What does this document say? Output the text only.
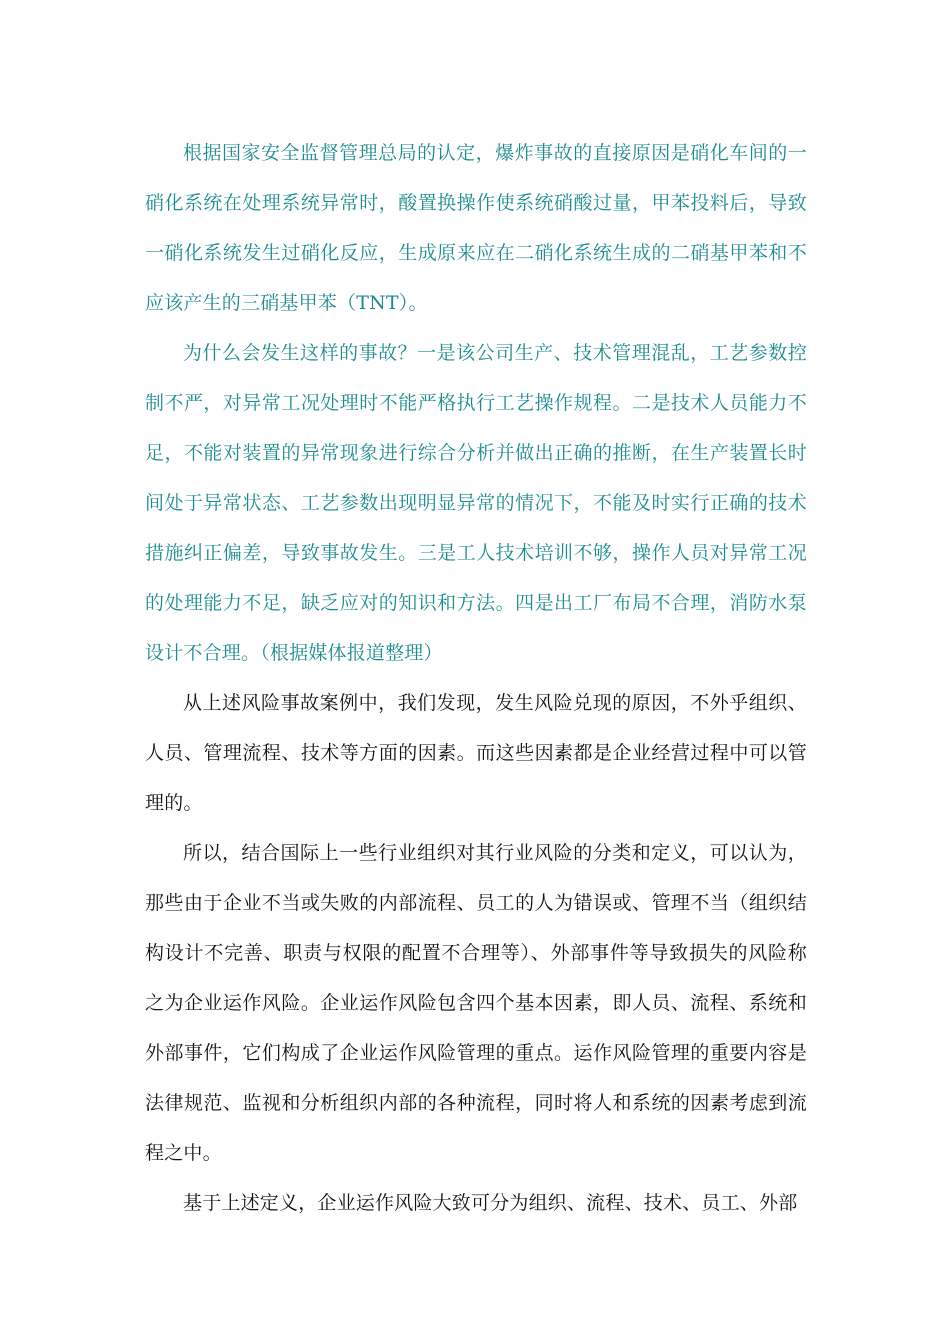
根据国家安全监督管理总局的认定，爆炸事故的直接原因是硝化车间的一硝化系统在处理系统异常时，酸置换操作使系统硝酸过量，甲苯投料后，导致一硝化系统发生过硝化反应，生成原来应在二硝化系统生成的二硝基甲苯和不应该产生的三硝基甲苯（TNT）。

为什么会发生这样的事故？一是该公司生产、技术管理混乱，工艺参数控制不严，对异常工况处理时不能严格执行工艺操作规程。二是技术人员能力不足，不能对装置的异常现象进行综合分析并做出正确的推断，在生产装置长时间处于异常状态、工艺参数出现明显异常的情况下，不能及时实行正确的技术措施纠正偏差，导致事故发生。三是工人技术培训不够，操作人员对异常工况的处理能力不足，缺乏应对的知识和方法。四是出工厂布局不合理，消防水泵设计不合理。（根据媒体报道整理）

从上述风险事故案例中，我们发现，发生风险兑现的原因，不外乎组织、人员、管理流程、技术等方面的因素。而这些因素都是企业经营过程中可以管理的。

所以，结合国际上一些行业组织对其行业风险的分类和定义，可以认为，那些由于企业不当或失败的内部流程、员工的人为错误或、管理不当（组织结构设计不完善、职责与权限的配置不合理等）、外部事件等导致损失的风险称之为企业运作风险。企业运作风险包含四个基本因素，即人员、流程、系统和外部事件，它们构成了企业运作风险管理的重点。运作风险管理的重要内容是法律规范、监视和分析组织内部的各种流程，同时将人和系统的因素考虑到流程之中。

基于上述定义，企业运作风险大致可分为组织、流程、技术、员工、外部
